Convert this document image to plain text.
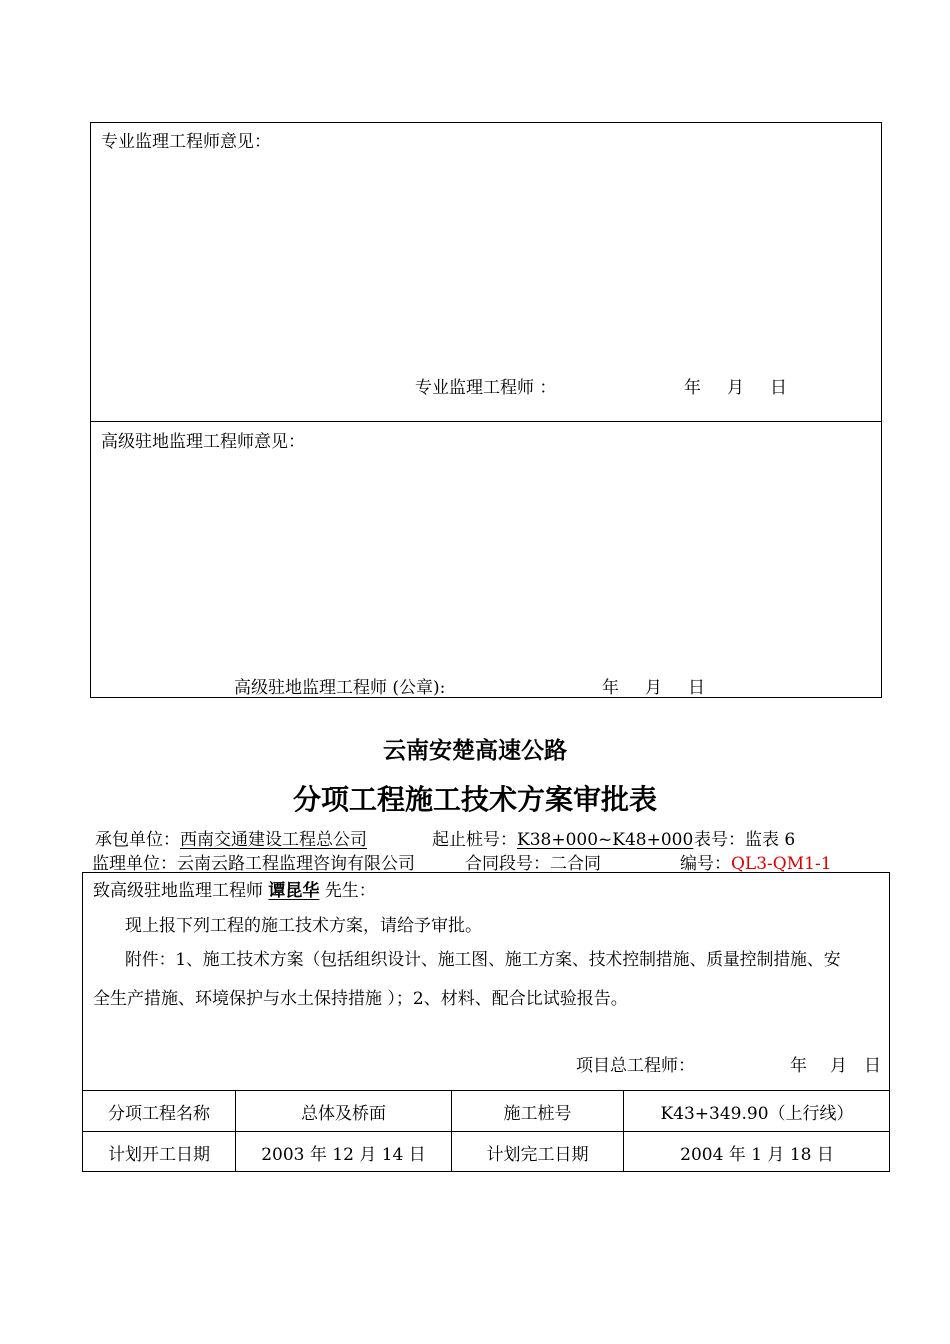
专业监理工程师意见：
专业监理工程师 ：	年 月 日
高级驻地监理工程师意见：
高级驻地监理工程师 (公章):	年 月 日
云南安楚高速公路
分项工程施工技术方案审批表
承包单位：西南交通建设工程总公司	起止桩号：K38+000~K48+000 表号：监表 6
监理单位：云南云路工程监理咨询有限公司	合同段号：二合同	编号：QL3-QM1-1
致高级驻地监理工程师 谭昆华 先生：
现上报下列工程的施工技术方案，请给予审批。
附件：1、施工技术方案（包括组织设计、施工图、施工方案、技术控制措施、质量控制措施、安
全生产措施、环境保护与水土保持措施 ）；2、材料、配合比试验报告。
项目总工程师：	年 月 日
分项工程名称	总体及桥面	施工桩号	K43+349.90（上行线）
计划开工日期	2003 年 12 月 14 日	计划完工日期	2004 年 1 月 18 日
